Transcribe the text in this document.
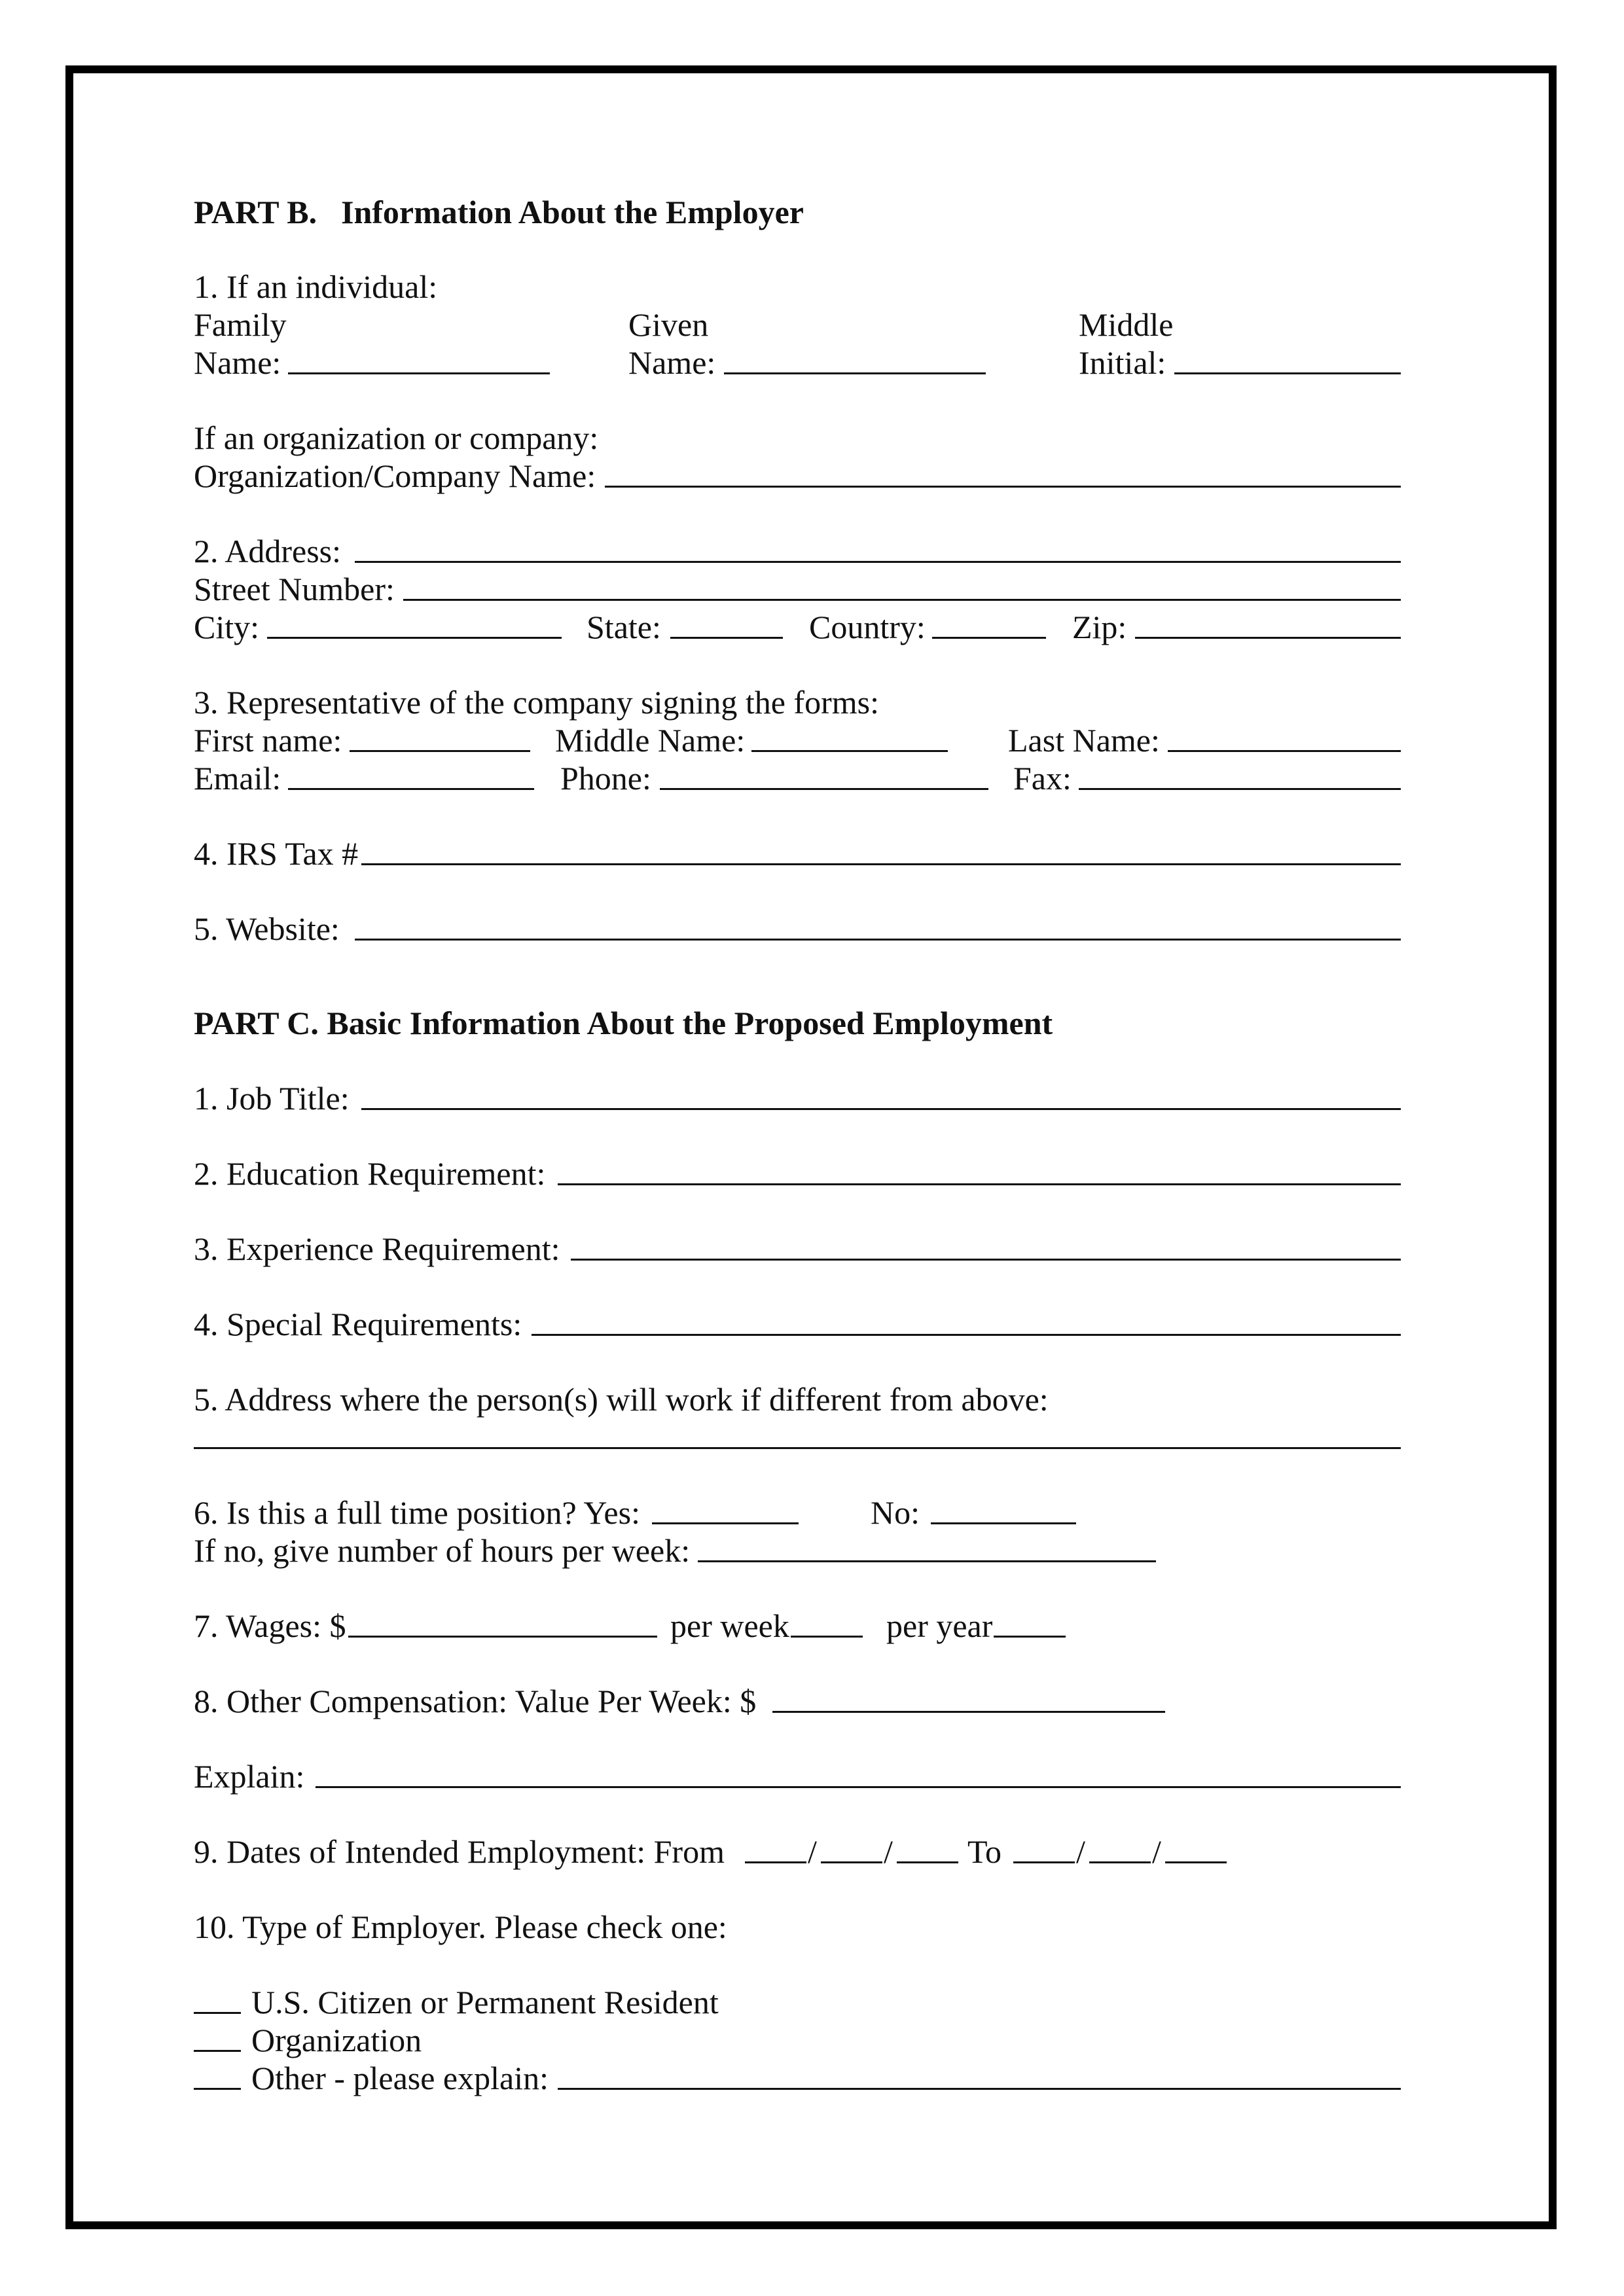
PART B. Information About the Employer
1. If an individual:
Family	Given	Middle
Name:	Name:	Initial:
If an organization or company:
Organization/Company Name:
2. Address:
Street Number:
City:	State:	Country:	Zip:
3. Representative of the company signing the forms:
First name:	Middle Name:	Last Name:
Email:	Phone:	Fax:
4. IRS Tax #
5. Website:
PART C. Basic Information About the Proposed Employment
1. Job Title:
2. Education Requirement:
3. Experience Requirement:
4. Special Requirements:
5. Address where the person(s) will work if different from above:
6. Is this a full time position? Yes:	No:
If no, give number of hours per week:
7. Wages: $	per week	per year
8. Other Compensation: Value Per Week: $
Explain:
9. Dates of Intended Employment: From	/ / To / /
10. Type of Employer. Please check one:
U.S. Citizen or Permanent Resident
Organization
Other - please explain:
